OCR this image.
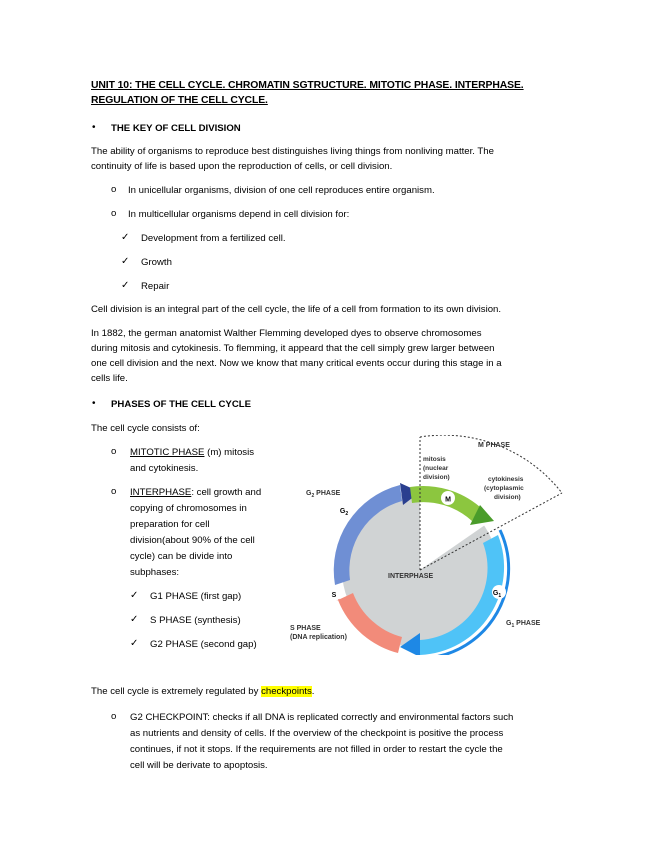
UNIT 10: THE CELL CYCLE. CHROMATIN SGTRUCTURE. MITOTIC PHASE. INTERPHASE.
REGULATION OF THE CELL CYCLE.
• THE KEY OF CELL DIVISION
The ability of organisms to reproduce best distinguishes living things from nonliving matter. The
continuity of life is based upon the reproduction of cells, or cell division.
o In unicellular organisms, division of one cell reproduces entire organism.
o In multicellular organisms depend in cell division for:
✓ Development from a fertilized cell.
✓ Growth
✓ Repair
Cell division is an integral part of the cell cycle, the life of a cell from formation to its own division.
In 1882, the german anatomist Walther Flemming developed dyes to observe chromosomes
during mitosis and cytokinesis. To flemming, it appeard that the cell simply grew larger between
one cell division and the next. Now we know that many critical events occur during this stage in a
cells life.
• PHASES OF THE CELL CYCLE
The cell cycle consists of:
o MITOTIC PHASE (m) mitosis
and cytokinesis.
o INTERPHASE: cell growth and
copying of chromosomes in
preparation for cell
division(about 90% of the cell
cycle) can be divide into
subphases:
✓ G1 PHASE (first gap)
✓ S PHASE (synthesis)
✓ G2 PHASE (second gap)
M
$G_2$
S	$G_1$
M PHASE
mitosis
(nuclear
division)	cytokinesis
(cytoplasmic
division)
$G_2$ PHASE
INTERPHASE
S PHASE
(DNA replication)
$G_1$ PHASE
The cell cycle is extremely regulated by checkpoints.
o G2 CHECKPOINT: checks if all DNA is replicated correctly and environmental factors such
as nutrients and density of cells. If the overview of the checkpoint is positive the process
continues, if not it stops. If the requirements are not filled in order to restart the cycle the
cell will be derivate to apoptosis.
